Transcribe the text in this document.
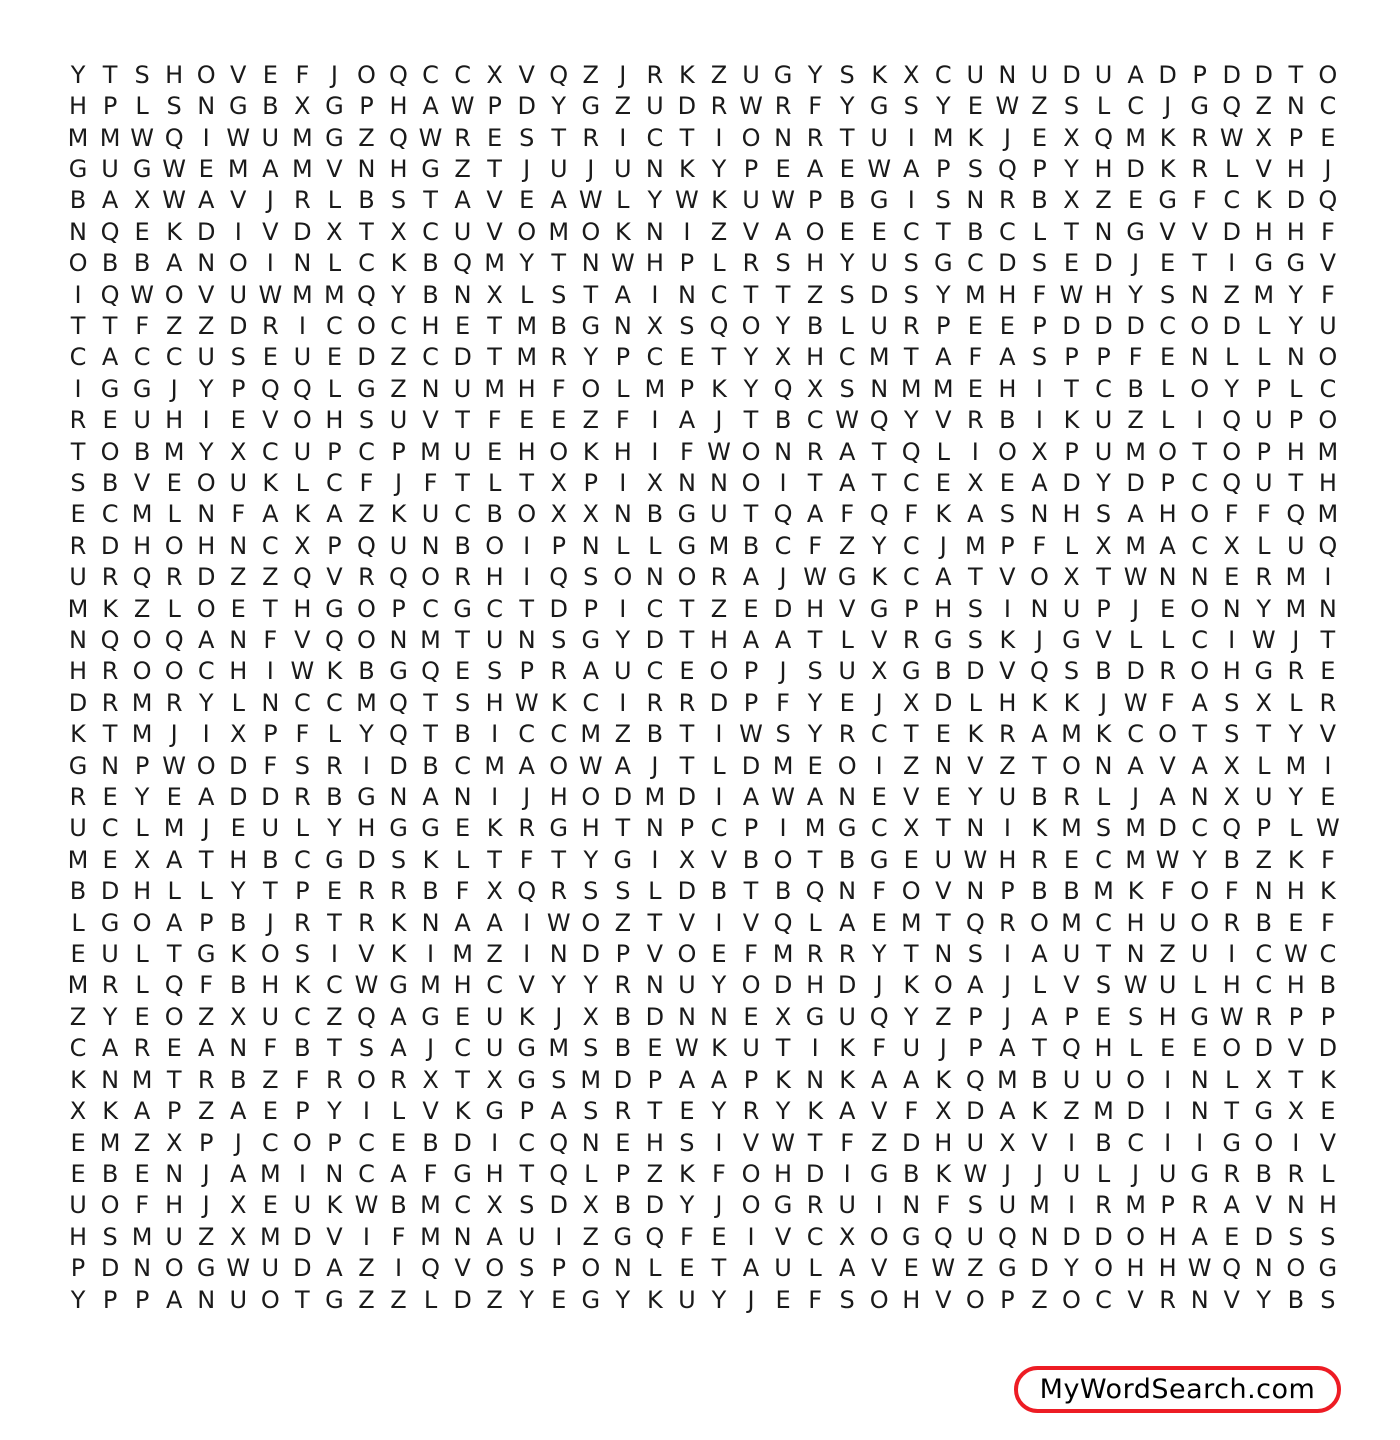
Y T S H O V E F J O Q C C X V Q Z J R K Z U G Y S K X C U N U D U A D P D D T O
H P L S N G B X G P H A W P D Y G Z U D R W R F Y G S Y E W Z S L C J G Q Z N C
M M W Q I W U M G Z Q W R E S T R I C T I O N R T U I M K J E X Q M K R W X P E
G U G W E M A M V N H G Z T J U J U N K Y P E A E W A P S Q P Y H D K R L V H J
B A X W A V J R L B S T A V E A W L Y W K U W P B G I S N R B X Z E G F C K D Q
N Q E K D I V D X T X C U V O M O K N I Z V A O E E C T B C L T N G V V D H H F
O B B A N O I N L C K B Q M Y T N W H P L R S H Y U S G C D S E D J E T I G G V
I Q W O V U W M M Q Y B N X L S T A I N C T T Z S D S Y M H F W H Y S N Z M Y F
T T F Z Z D R I C O C H E T M B G N X S Q O Y B L U R P E E P D D D C O D L Y U
C A C C U S E U E D Z C D T M R Y P C E T Y X H C M T A F A S P P F E N L L N O
I G G J Y P Q Q L G Z N U M H F O L M P K Y Q X S N M M E H I T C B L O Y P L C
R E U H I E V O H S U V T F E E Z F I A J T B C W Q Y V R B I K U Z L I Q U P O
T O B M Y X C U P C P M U E H O K H I F W O N R A T Q L I O X P U M O T O P H M
S B V E O U K L C F J F T L T X P I X N N O I T A T C E X E A D Y D P C Q U T H
E C M L N F A K A Z K U C B O X X N B G U T Q A F Q F K A S N H S A H O F F Q M
R D H O H N C X P Q U N B O I P N L L G M B C F Z Y C J M P F L X M A C X L U Q
U R Q R D Z Z Q V R Q O R H I Q S O N O R A J W G K C A T V O X T W N N E R M I
M K Z L O E T H G O P C G C T D P I C T Z E D H V G P H S I N U P J E O N Y M N
N Q O Q A N F V Q O N M T U N S G Y D T H A A T L V R G S K J G V L L C I W J T
H R O O C H I W K B G Q E S P R A U C E O P J S U X G B D V Q S B D R O H G R E
D R M R Y L N C C M Q T S H W K C I R R D P F Y E J X D L H K K J W F A S X L R
K T M J	I X P F L Y Q T B I C C M Z B T I W S Y R C T E K R A M K C O T S T Y V
G N P W O D F S R I D B C M A O W A J T L D M E O I Z N V Z T O N A V A X L M I
R E Y E A D D R B G N A N I	J H O D M D I A W A N E V E Y U B R L J A N X U Y E
U C L M J E U L Y H G G E K R G H T N P C P I M G C X T N I K M S M D C Q P L W
M E X A T H B C G D S K L T F T Y G I X V B O T B G E U W H R E C M W Y B Z K F
B D H L L Y T P E R R B F X Q R S S L D B T B Q N F O V N P B B M K F O F N H K
L G O A P B J R T R K N A A I W O Z T V I V Q L A E M T Q R O M C H U O R B E F
E U L T G K O S I V K I M Z I N D P V O E F M R R Y T N S I A U T N Z U I C W C
M R L Q F B H K C W G M H C V Y Y R N U Y O D H D J K O A J L V S W U L H C H B
Z Y E O Z X U C Z Q A G E U K J X B D N N E X G U Q Y Z P J A P E S H G W R P P
C A R E A N F B T S A J C U G M S B E W K U T I K F U J P A T Q H L E E O D V D
K N M T R B Z F R O R X T X G S M D P A A P K N K A A K Q M B U U O I N L X T K
X K A P Z A E P Y I L V K G P A S R T E Y R Y K A V F X D A K Z M D I N T G X E
E M Z X P J C O P C E B D I C Q N E H S I V W T F Z D H U X V I B C I	I G O I V
E B E N J A M I N C A F G H T Q L P Z K F O H D I G B K W J	J U L J U G R B R L
U O F H J X E U K W B M C X S D X B D Y J O G R U I N F S U M I R M P R A V N H
H S M U Z X M D V I F M N A U I Z G Q F E I V C X O G Q U Q N D D O H A E D S S
P D N O G W U D A Z I Q V O S P O N L E T A U L A V E W Z G D Y O H H W Q N O G
Y P P A N U O T G Z Z L D Z Y E G Y K U Y J E F S O H V O P Z O C V R N V Y B S
MyWordSearch.com
